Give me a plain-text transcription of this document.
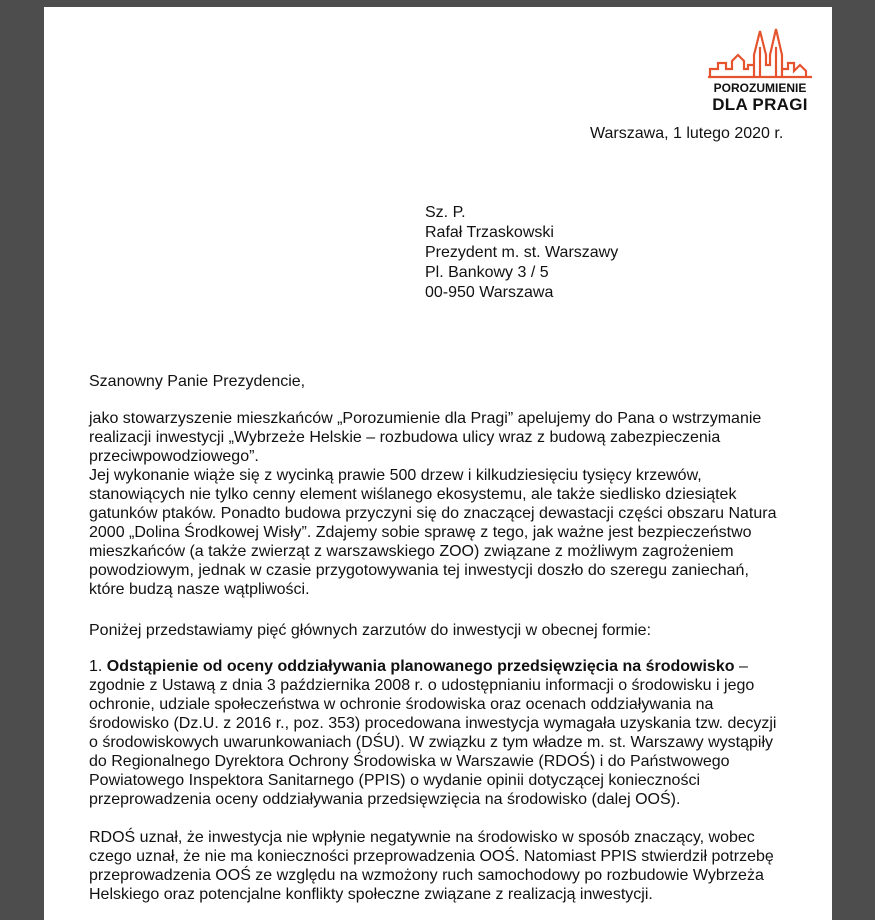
POROZUMIENIE
DLA PRAGI
Warszawa, 1 lutego 2020 r.
Sz. P.
Rafał Trzaskowski
Prezydent m. st. Warszawy
Pl. Bankowy 3 / 5
00-950 Warszawa
Szanowny Panie Prezydencie,
jako stowarzyszenie mieszkańców „Porozumienie dla Pragi” apelujemy do Pana o wstrzymanie
realizacji inwestycji „Wybrzeże Helskie – rozbudowa ulicy wraz z budową zabezpieczenia
przeciwpowodziowego”.
Jej wykonanie wiąże się z wycinką prawie 500 drzew i kilkudziesięciu tysięcy krzewów,
stanowiących nie tylko cenny element wiślanego ekosystemu, ale także siedlisko dziesiątek
gatunków ptaków. Ponadto budowa przyczyni się do znaczącej dewastacji części obszaru Natura
2000 „Dolina Środkowej Wisły”. Zdajemy sobie sprawę z tego, jak ważne jest bezpieczeństwo
mieszkańców (a także zwierząt z warszawskiego ZOO) związane z możliwym zagrożeniem
powodziowym, jednak w czasie przygotowywania tej inwestycji doszło do szeregu zaniechań,
które budzą nasze wątpliwości.
Poniżej przedstawiamy pięć głównych zarzutów do inwestycji w obecnej formie:
1. Odstąpienie od oceny oddziaływania planowanego przedsięwzięcia na środowisko –
zgodnie z Ustawą z dnia 3 października 2008 r. o udostępnianiu informacji o środowisku i jego
ochronie, udziale społeczeństwa w ochronie środowiska oraz ocenach oddziaływania na
środowisko (Dz.U. z 2016 r., poz. 353) procedowana inwestycja wymagała uzyskania tzw. decyzji
o środowiskowych uwarunkowaniach (DŚU). W związku z tym władze m. st. Warszawy wystąpiły
do Regionalnego Dyrektora Ochrony Środowiska w Warszawie (RDOŚ) i do Państwowego
Powiatowego Inspektora Sanitarnego (PPIS) o wydanie opinii dotyczącej konieczności
przeprowadzenia oceny oddziaływania przedsięwzięcia na środowisko (dalej OOŚ).
RDOŚ uznał, że inwestycja nie wpłynie negatywnie na środowisko w sposób znaczący, wobec
czego uznał, że nie ma konieczności przeprowadzenia OOŚ. Natomiast PPIS stwierdził potrzebę
przeprowadzenia OOŚ ze względu na wzmożony ruch samochodowy po rozbudowie Wybrzeża
Helskiego oraz potencjalne konflikty społeczne związane z realizacją inwestycji.
